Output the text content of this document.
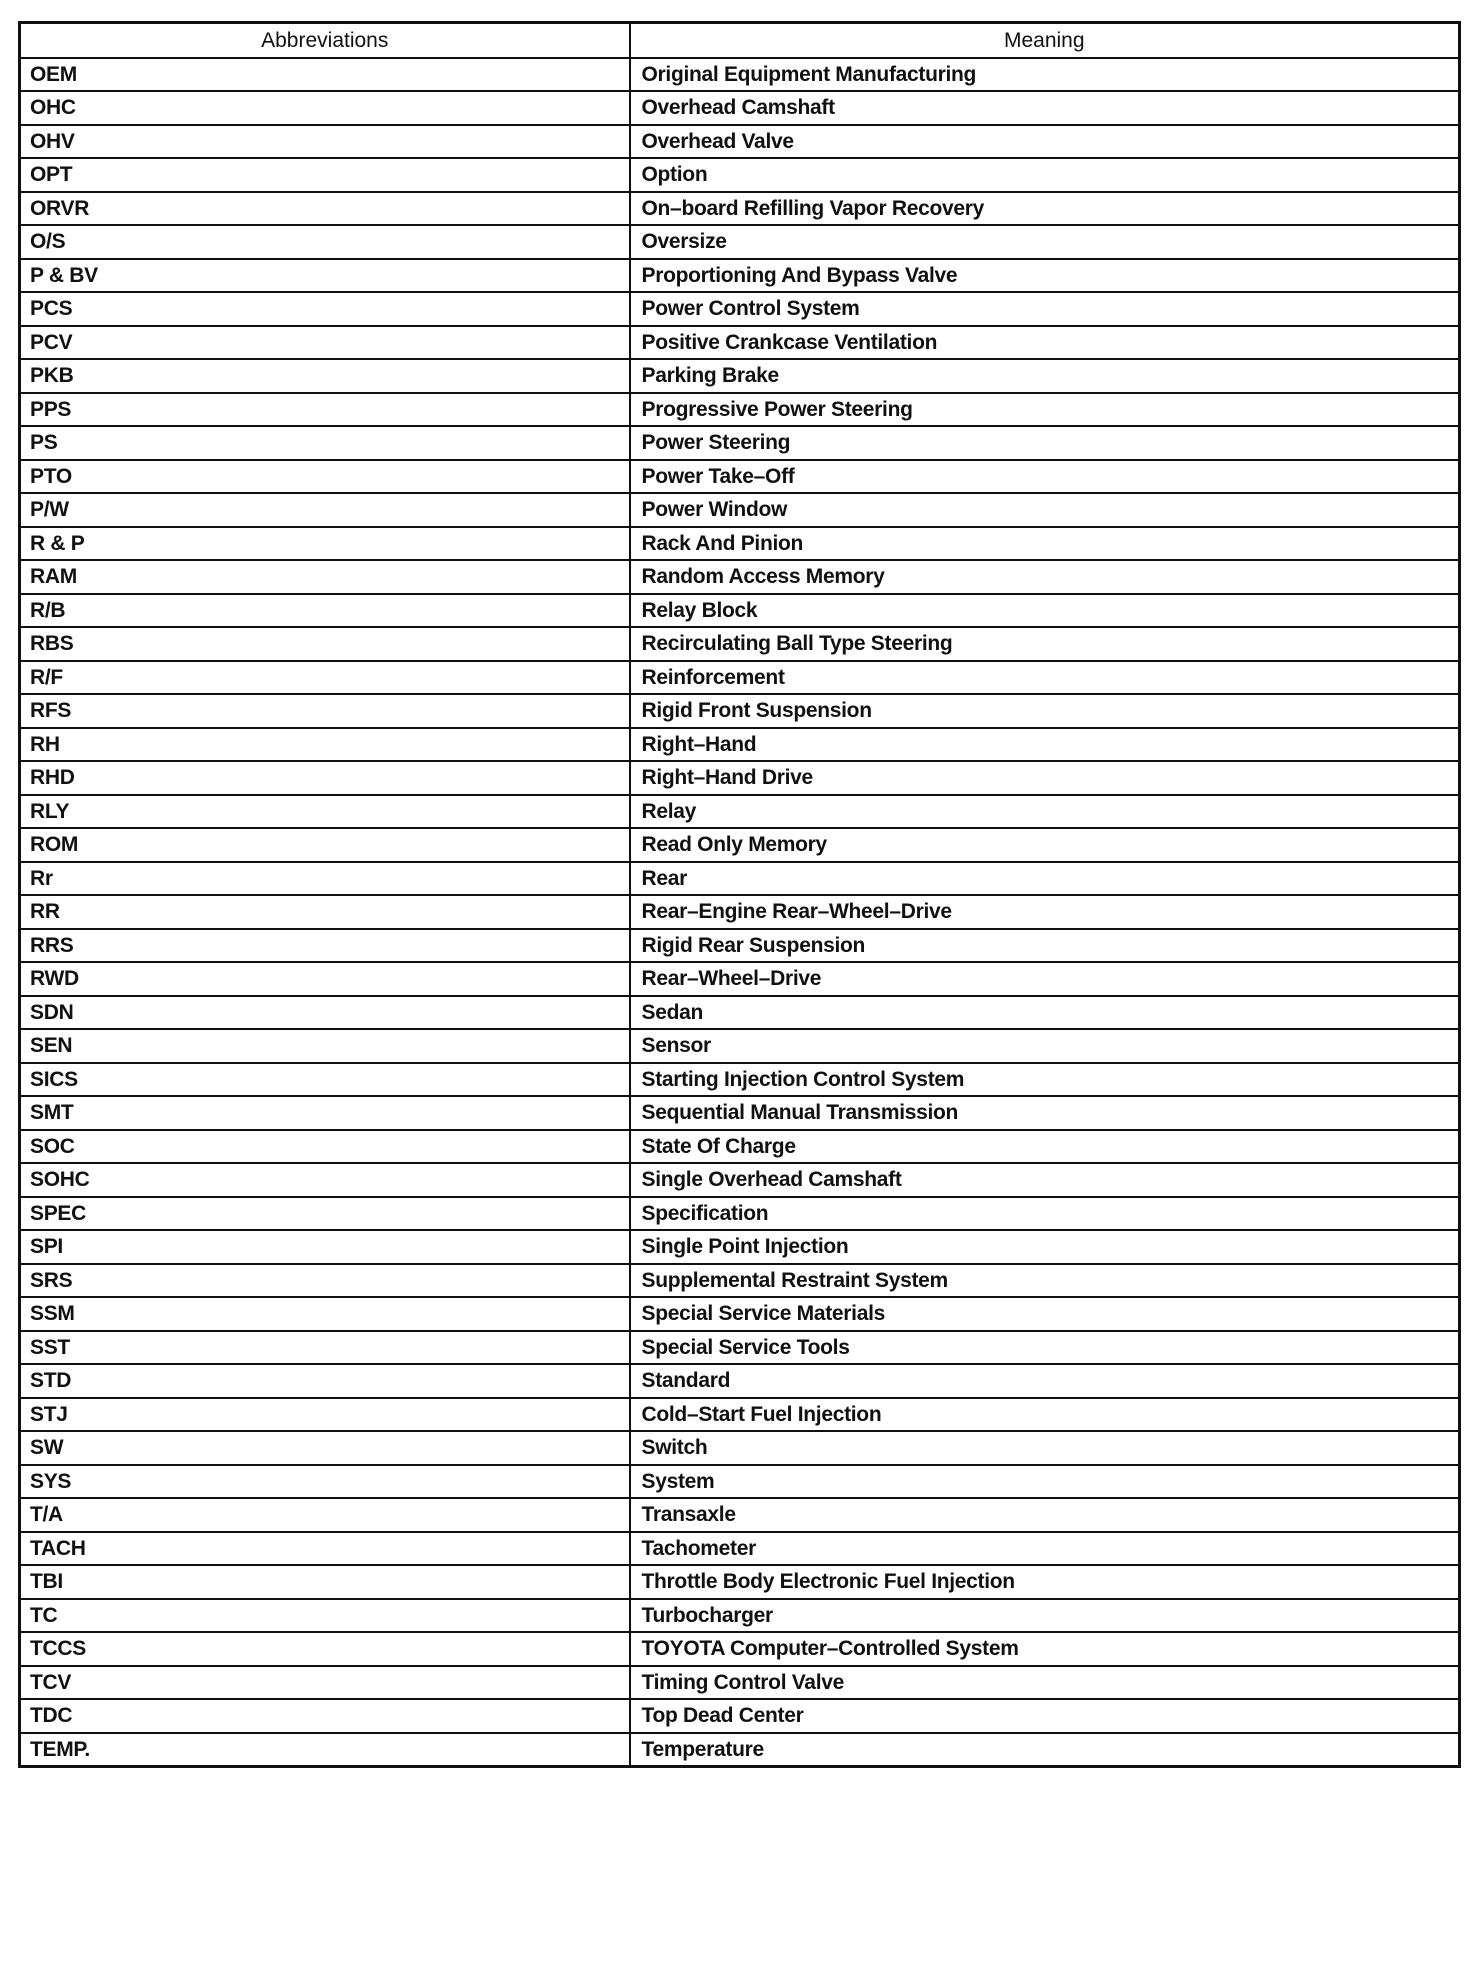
Abbreviations	Meaning
OEM	Original Equipment Manufacturing
OHC	Overhead Camshaft
OHV	Overhead Valve
OPT	Option
ORVR	On–board Refilling Vapor Recovery
O/S	Oversize
P & BV	Proportioning And Bypass Valve
PCS	Power Control System
PCV	Positive Crankcase Ventilation
PKB	Parking Brake
PPS	Progressive Power Steering
PS	Power Steering
PTO	Power Take–Off
P/W	Power Window
R & P	Rack And Pinion
RAM	Random Access Memory
R/B	Relay Block
RBS	Recirculating Ball Type Steering
R/F	Reinforcement
RFS	Rigid Front Suspension
RH	Right–Hand
RHD	Right–Hand Drive
RLY	Relay
ROM	Read Only Memory
Rr	Rear
RR	Rear–Engine Rear–Wheel–Drive
RRS	Rigid Rear Suspension
RWD	Rear–Wheel–Drive
SDN	Sedan
SEN	Sensor
SICS	Starting Injection Control System
SMT	Sequential Manual Transmission
SOC	State Of Charge
SOHC	Single Overhead Camshaft
SPEC	Specification
SPI	Single Point Injection
SRS	Supplemental Restraint System
SSM	Special Service Materials
SST	Special Service Tools
STD	Standard
STJ	Cold–Start Fuel Injection
SW	Switch
SYS	System
T/A	Transaxle
TACH	Tachometer
TBI	Throttle Body Electronic Fuel Injection
TC	Turbocharger
TCCS	TOYOTA Computer–Controlled System
TCV	Timing Control Valve
TDC	Top Dead Center
TEMP.	Temperature
